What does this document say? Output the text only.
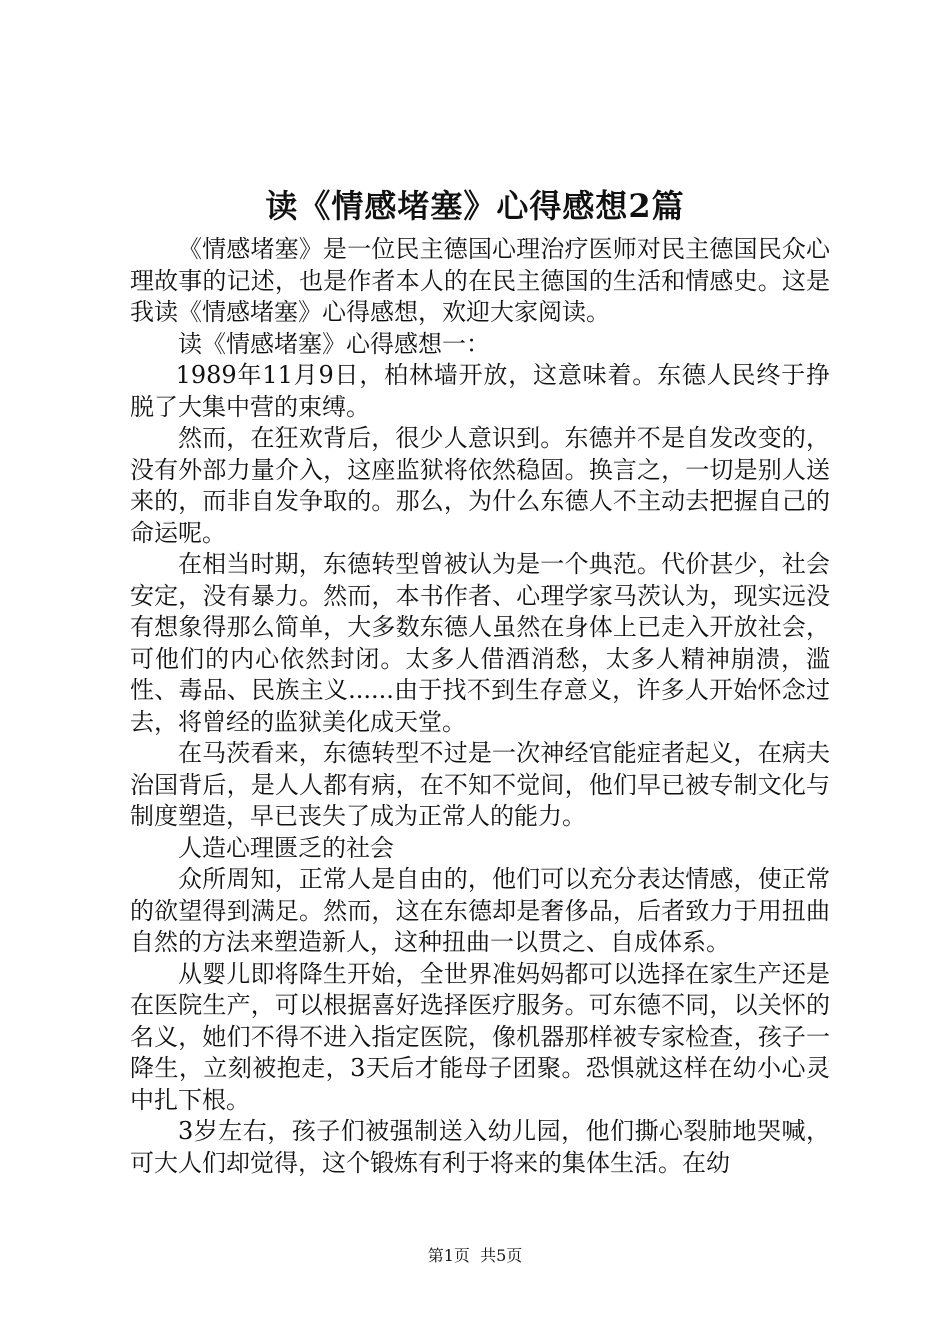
读《情感堵塞》心得感想2篇

《情感堵塞》是一位民主德国心理治疗医师对民主德国民众心理故事的记述，也是作者本人的在民主德国的生活和情感史。这是我读《情感堵塞》心得感想，欢迎大家阅读。

读《情感堵塞》心得感想一：

1989年11月9日，柏林墙开放，这意味着。东德人民终于挣脱了大集中营的束缚。

然而，在狂欢背后，很少人意识到。东德并不是自发改变的，没有外部力量介入，这座监狱将依然稳固。换言之，一切是别人送来的，而非自发争取的。那么，为什么东德人不主动去把握自己的命运呢。

在相当时期，东德转型曾被认为是一个典范。代价甚少，社会安定，没有暴力。然而，本书作者、心理学家马茨认为，现实远没有想象得那么简单，大多数东德人虽然在身体上已走入开放社会，可他们的内心依然封闭。太多人借酒消愁，太多人精神崩溃，滥性、毒品、民族主义......由于找不到生存意义，许多人开始怀念过去，将曾经的监狱美化成天堂。

在马茨看来，东德转型不过是一次神经官能症者起义，在病夫治国背后，是人人都有病，在不知不觉间，他们早已被专制文化与制度塑造，早已丧失了成为正常人的能力。

人造心理匮乏的社会

众所周知，正常人是自由的，他们可以充分表达情感，使正常的欲望得到满足。然而，这在东德却是奢侈品，后者致力于用扭曲自然的方法来塑造新人，这种扭曲一以贯之、自成体系。

从婴儿即将降生开始，全世界准妈妈都可以选择在家生产还是在医院生产，可以根据喜好选择医疗服务。可东德不同，以关怀的名义，她们不得不进入指定医院，像机器那样被专家检查，孩子一降生，立刻被抱走，3天后才能母子团聚。恐惧就这样在幼小心灵中扎下根。

3岁左右，孩子们被强制送入幼儿园，他们撕心裂肺地哭喊，可大人们却觉得，这个锻炼有利于将来的集体生活。在幼

第1页  共5页
